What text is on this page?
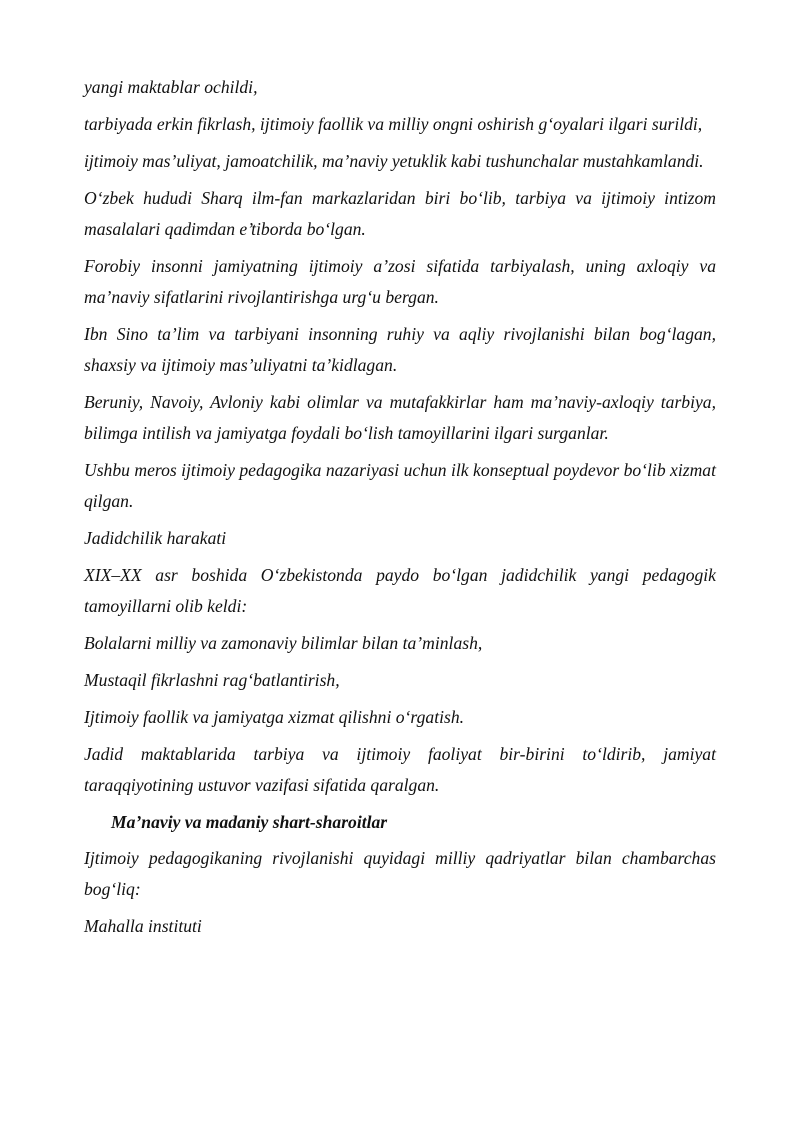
yangi maktablar ochildi,

tarbiyada erkin fikrlash, ijtimoiy faollik va milliy ongni oshirish g‘oyalari ilgari surildi,

ijtimoiy mas’uliyat, jamoatchilik, ma’naviy yetuklik kabi tushunchalar mustahkamlandi.

O‘zbek hududi Sharq ilm-fan markazlaridan biri bo‘lib, tarbiya va ijtimoiy intizom masalalari qadimdan e’tiborda bo‘lgan.

Forobiy insonni jamiyatning ijtimoiy a’zosi sifatida tarbiyalash, uning axloqiy va ma’naviy sifatlarini rivojlantirishga urg‘u bergan.

Ibn Sino ta’lim va tarbiyani insonning ruhiy va aqliy rivojlanishi bilan bog‘lagan, shaxsiy va ijtimoiy mas’uliyatni ta’kidlagan.

Beruniy, Navoiy, Avloniy kabi olimlar va mutafakkirlar ham ma’naviy-axloqiy tarbiya, bilimga intilish va jamiyatga foydali bo‘lish tamoyillarini ilgari surganlar.

Ushbu meros ijtimoiy pedagogika nazariyasi uchun ilk konseptual poydevor bo‘lib xizmat qilgan.

Jadidchilik harakati

XIX–XX asr boshida O‘zbekistonda paydo bo‘lgan jadidchilik yangi pedagogik tamoyillarni olib keldi:

Bolalarni milliy va zamonaviy bilimlar bilan ta’minlash,

Mustaqil fikrlashni rag‘batlantirish,

Ijtimoiy faollik va jamiyatga xizmat qilishni o‘rgatish.

Jadid maktablarida tarbiya va ijtimoiy faoliyat bir-birini to‘ldirib, jamiyat taraqqiyotining ustuvor vazifasi sifatida qaralgan.

Ma’naviy va madaniy shart-sharoitlar

Ijtimoiy pedagogikaning rivojlanishi quyidagi milliy qadriyatlar bilan chambarchas bog‘liq:

Mahalla instituti
